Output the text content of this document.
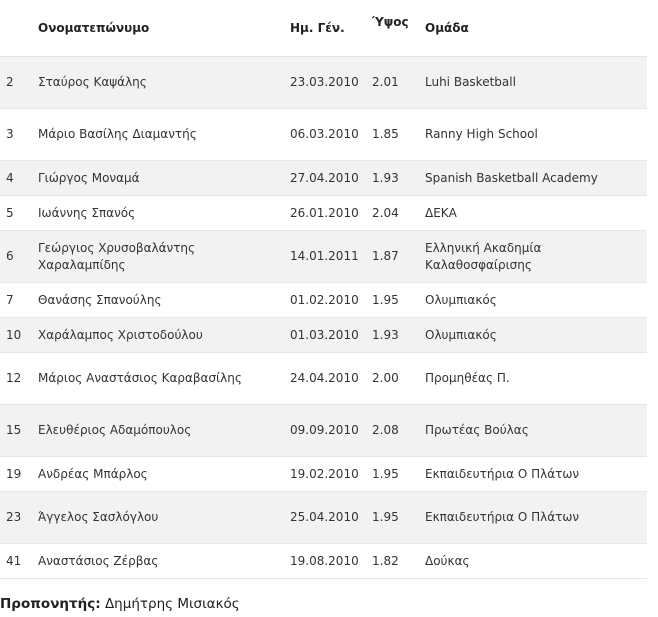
	Ονοματεπώνυμο	Ημ. Γέν.	Ύψος	Ομάδα
2	Σταύρος Καψάλης	23.03.2010	2.01	Luhi Basketball
3	Μάριο Βασίλης Διαμαντής	06.03.2010	1.85	Ranny High School
4	Γιώργος Μοναμά	27.04.2010	1.93	Spanish Basketball Academy
5	Ιωάννης Σπανός	26.01.2010	2.04	ΔΕΚΑ
6	Γεώργιος Χρυσοβαλάντης Χαραλαμπίδης	14.01.2011	1.87	Ελληνική Ακαδημία Καλαθοσφαίρισης
7	Θανάσης Σπανούλης	01.02.2010	1.95	Ολυμπιακός
10	Χαράλαμπος Χριστοδούλου	01.03.2010	1.93	Ολυμπιακός
12	Μάριος Αναστάσιος Καραβασίλης	24.04.2010	2.00	Προμηθέας Π.
15	Ελευθέριος Αδαμόπουλος	09.09.2010	2.08	Πρωτέας Βούλας
19	Ανδρέας Μπάρλος	19.02.2010	1.95	Εκπαιδευτήρια Ο Πλάτων
23	Άγγελος Σασλόγλου	25.04.2010	1.95	Εκπαιδευτήρια Ο Πλάτων
41	Αναστάσιος Ζέρβας	19.08.2010	1.82	Δούκας
Προπονητής: Δημήτρης Μισιακός
